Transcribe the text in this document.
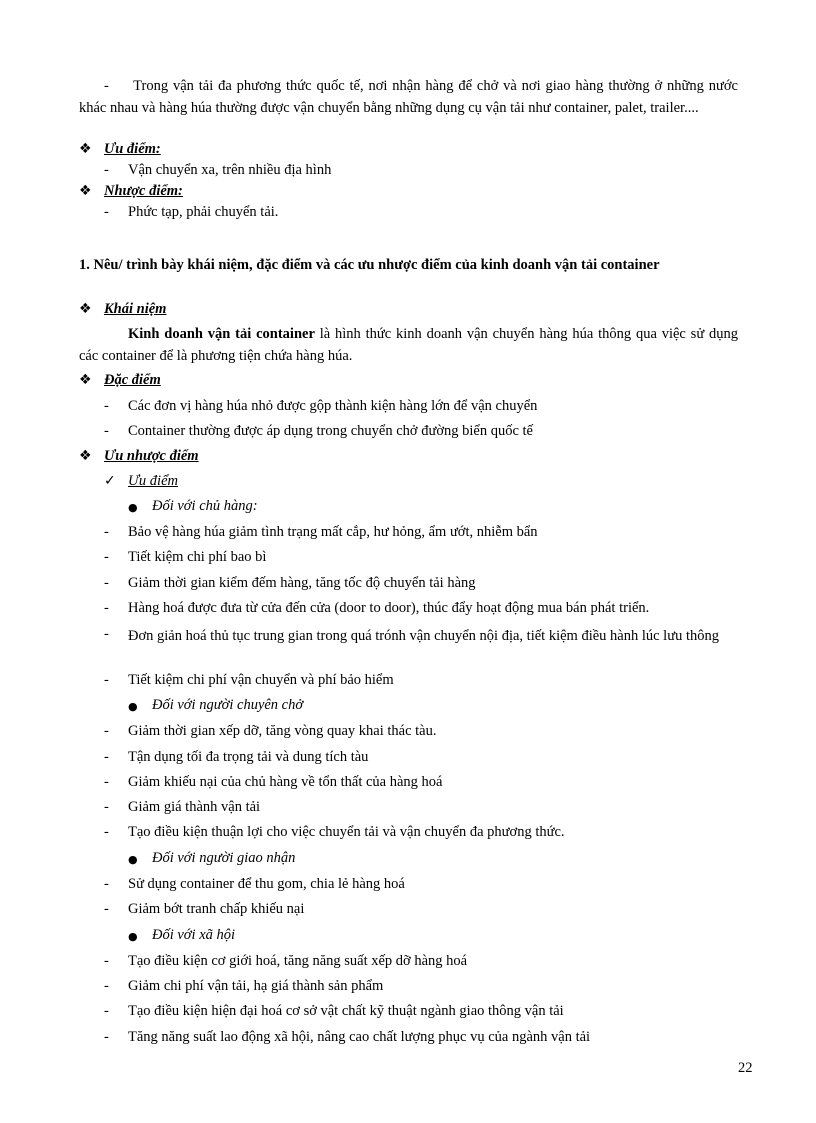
- Trong vận tải đa phương thức quốc tế, nơi nhận hàng để chở và nơi giao hàng thường ở những nước khác nhau và hàng húa thường được vận chuyển bằng những dụng cụ vận tải như container, palet, trailer....
❖ Ưu điểm:
- Vận chuyển xa, trên nhiều địa hình
❖ Nhược điểm:
- Phức tạp, phải chuyển tải.
1. Nêu/ trình bày khái niệm, đặc điểm và các ưu nhược điểm của kinh doanh vận tải container
❖ Khái niệm
Kinh doanh vận tải container là hình thức kinh doanh vận chuyển hàng húa thông qua việc sử dụng các container để là phương tiện chứa hàng húa.
❖ Đặc điểm
- Các đơn vị hàng húa nhỏ được gộp thành kiện hàng lớn để vận chuyển
- Container thường được áp dụng trong chuyển chở đường biển quốc tế
❖ Ưu nhược điểm
✓ Ưu điểm
● Đối với chủ hàng:
- Bảo vệ hàng húa giảm tình trạng mất cắp, hư hỏng, ẩm ướt, nhiễm bẩn
- Tiết kiệm chi phí bao bì
- Giảm thời gian kiểm đếm hàng, tăng tốc độ chuyển tải hàng
- Hàng hoá được đưa từ cửa đến cửa (door to door), thúc đẩy hoạt động mua bán phát triển.
- Đơn giản hoá thủ tục trung gian trong quá trónh vận chuyển nội địa, tiết kiệm điều hành lúc lưu thông
- Tiết kiệm chi phí vận chuyển và phí bảo hiểm
● Đối với người chuyên chở
- Giảm thời gian xếp dỡ, tăng vòng quay khai thác tàu.
- Tận dụng tối đa trọng tải và dung tích tàu
- Giảm khiếu nại của chủ hàng về tổn thất của hàng hoá
- Giảm giá thành vận tải
- Tạo điều kiện thuận lợi cho việc chuyển tải và vận chuyển đa phương thức.
● Đối với người giao nhận
- Sử dụng container để thu gom, chia lẻ hàng hoá
- Giảm bớt tranh chấp khiếu nại
● Đối với xã hội
- Tạo điều kiện cơ giới hoá, tăng năng suất xếp dỡ hàng hoá
- Giảm chi phí vận tải, hạ giá thành sản phẩm
- Tạo điều kiện hiện đại hoá cơ sở vật chất kỹ thuật ngành giao thông vận tải
- Tăng năng suất lao động xã hội, nâng cao chất lượng phục vụ của ngành vận tải
22
